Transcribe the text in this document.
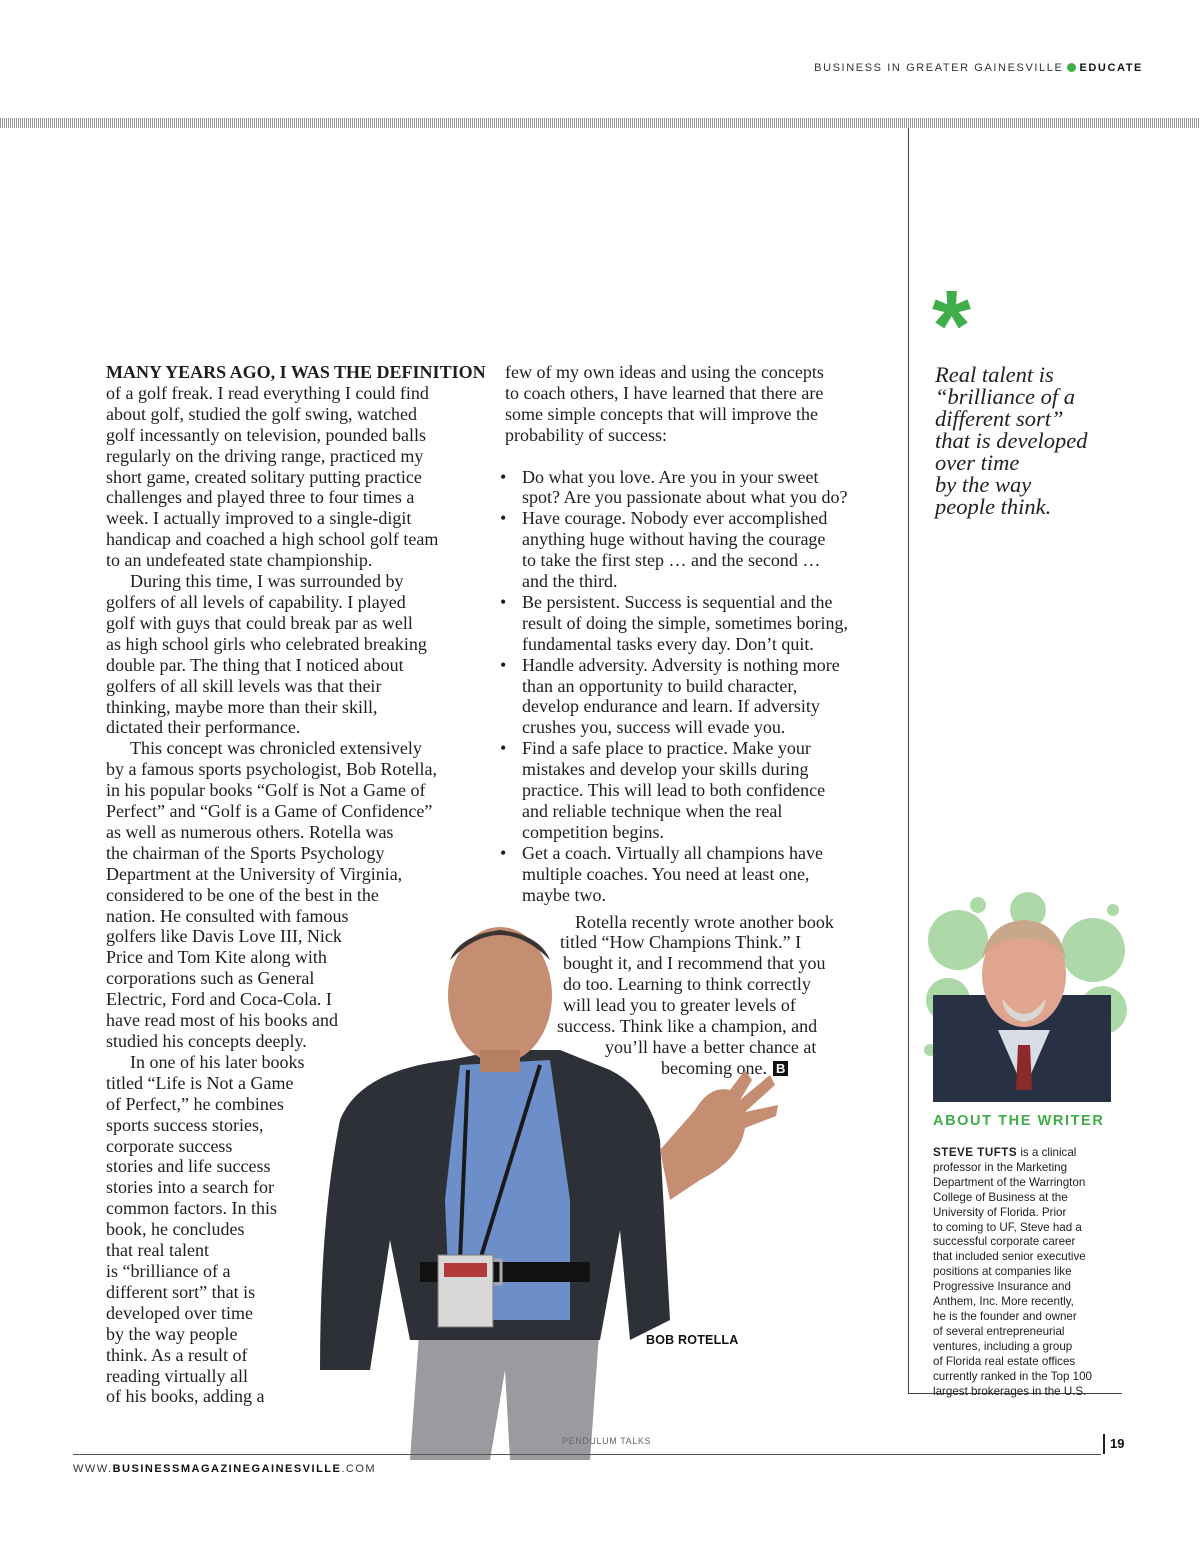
BUSINESS IN GREATER GAINESVILLE EDUCATE
*
Real talent is
“brilliance of a
different sort”
that is developed
over time
by the way
people think.
MANY YEARS AGO, I WAS THE DEFINITION
of a golf freak. I read everything I could find
about golf, studied the golf swing, watched
golf incessantly on television, pounded balls
regularly on the driving range, practiced my
short game, created solitary putting practice
challenges and played three to four times a
week. I actually improved to a single-digit
handicap and coached a high school golf team
to an undefeated state championship.
During this time, I was surrounded by
golfers of all levels of capability. I played
golf with guys that could break par as well
as high school girls who celebrated breaking
double par. The thing that I noticed about
golfers of all skill levels was that their
thinking, maybe more than their skill,
dictated their performance.
This concept was chronicled extensively
by a famous sports psychologist, Bob Rotella,
in his popular books “Golf is Not a Game of
Perfect” and “Golf is a Game of Confidence”
as well as numerous others. Rotella was
the chairman of the Sports Psychology
Department at the University of Virginia,
considered to be one of the best in the
nation. He consulted with famous
golfers like Davis Love III, Nick
Price and Tom Kite along with
corporations such as General
Electric, Ford and Coca-Cola. I
have read most of his books and
studied his concepts deeply.
In one of his later books
titled “Life is Not a Game
of Perfect,” he combines
sports success stories,
corporate success
stories and life success
stories into a search for
common factors. In this
book, he concludes
that real talent
is “brilliance of a
different sort” that is
developed over time
by the way people
think. As a result of
reading virtually all
of his books, adding a
few of my own ideas and using the concepts
to coach others, I have learned that there are
some simple concepts that will improve the
probability of success:
• Do what you love. Are you in your sweet
spot? Are you passionate about what you do?
• Have courage. Nobody ever accomplished
anything huge without having the courage
to take the first step … and the second …
and the third.
• Be persistent. Success is sequential and the
result of doing the simple, sometimes boring,
fundamental tasks every day. Don’t quit.
• Handle adversity. Adversity is nothing more
than an opportunity to build character,
develop endurance and learn. If adversity
crushes you, success will evade you.
• Find a safe place to practice. Make your
mistakes and develop your skills during
practice. This will lead to both confidence
and reliable technique when the real
competition begins.
• Get a coach. Virtually all champions have
multiple coaches. You need at least one,
maybe two.
Rotella recently wrote another book
titled “How Champions Think.” I
bought it, and I recommend that you
do too. Learning to think correctly
will lead you to greater levels of
success. Think like a champion, and
you’ll have a better chance at
becoming one. B
BOB ROTELLA
PENDULUM TALKS
ABOUT THE WRITER
STEVE TUFTS is a clinical
professor in the Marketing
Department of the Warrington
College of Business at the
University of Florida. Prior
to coming to UF, Steve had a
successful corporate career
that included senior executive
positions at companies like
Progressive Insurance and
Anthem, Inc. More recently,
he is the founder and owner
of several entrepreneurial
ventures, including a group
of Florida real estate offices
currently ranked in the Top 100
largest brokerages in the U.S.
19
WWW.BUSINESSMAGAZINEGAINESVILLE.COM
